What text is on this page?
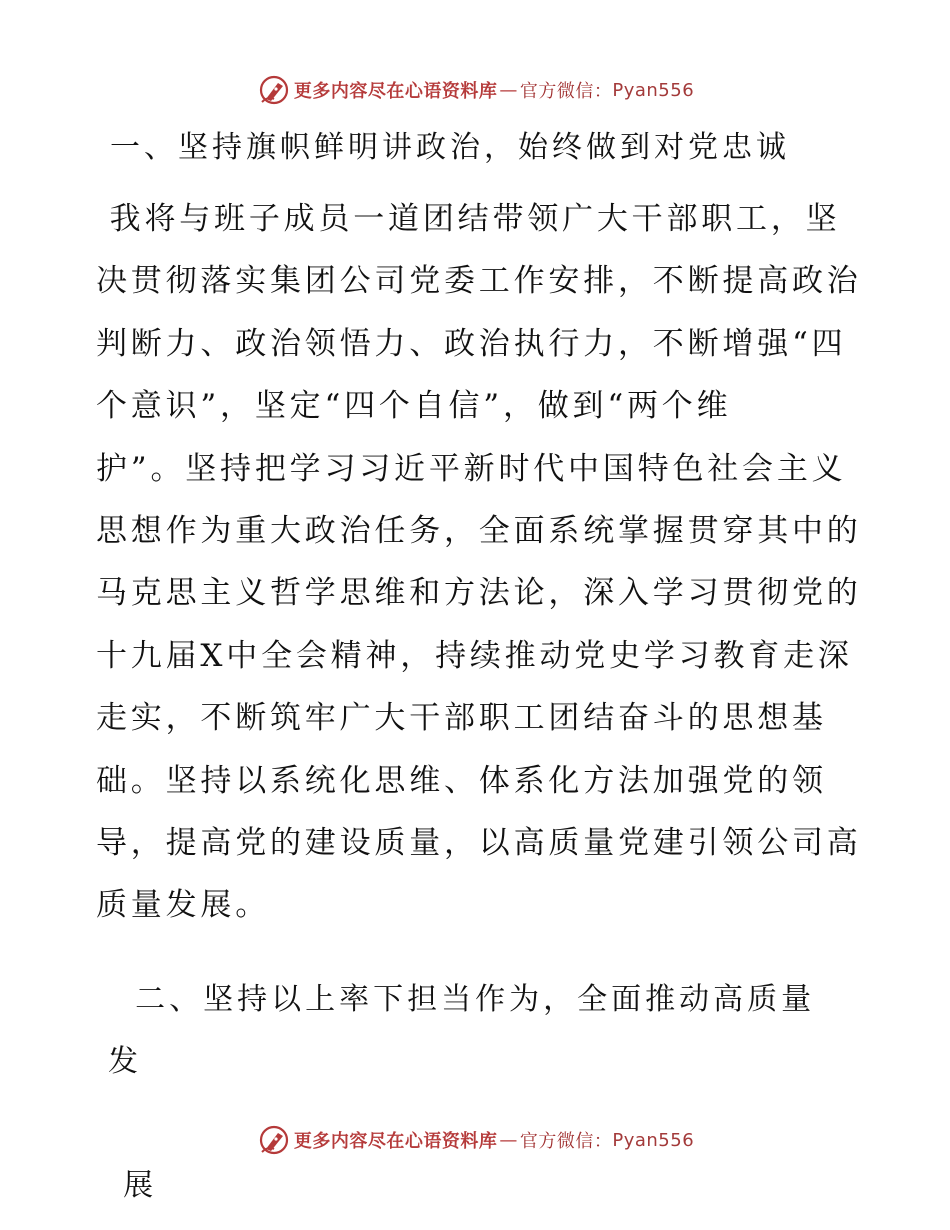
更多内容尽在心语资料库 — 官方微信： Pyan556
一、坚持旗帜鲜明讲政治，始终做到对党忠诚

我将与班子成员一道团结带领广大干部职工，坚
决贯彻落实集团公司党委工作安排，不断提高政治
判断力、政治领悟力、政治执行力，不断增强“四
个意识”，坚定“四个自信”，做到“两个维
护”。坚持把学习习近平新时代中国特色社会主义
思想作为重大政治任务，全面系统掌握贯穿其中的
马克思主义哲学思维和方法论，深入学习贯彻党的
十九届X中全会精神，持续推动党史学习教育走深
走实，不断筑牢广大干部职工团结奋斗的思想基
础。坚持以系统化思维、体系化方法加强党的领
导，提高党的建设质量，以高质量党建引领公司高
质量发展。

二、坚持以上率下担当作为，全面推动高质量发

展

更多内容尽在心语资料库 — 官方微信： Pyan556
